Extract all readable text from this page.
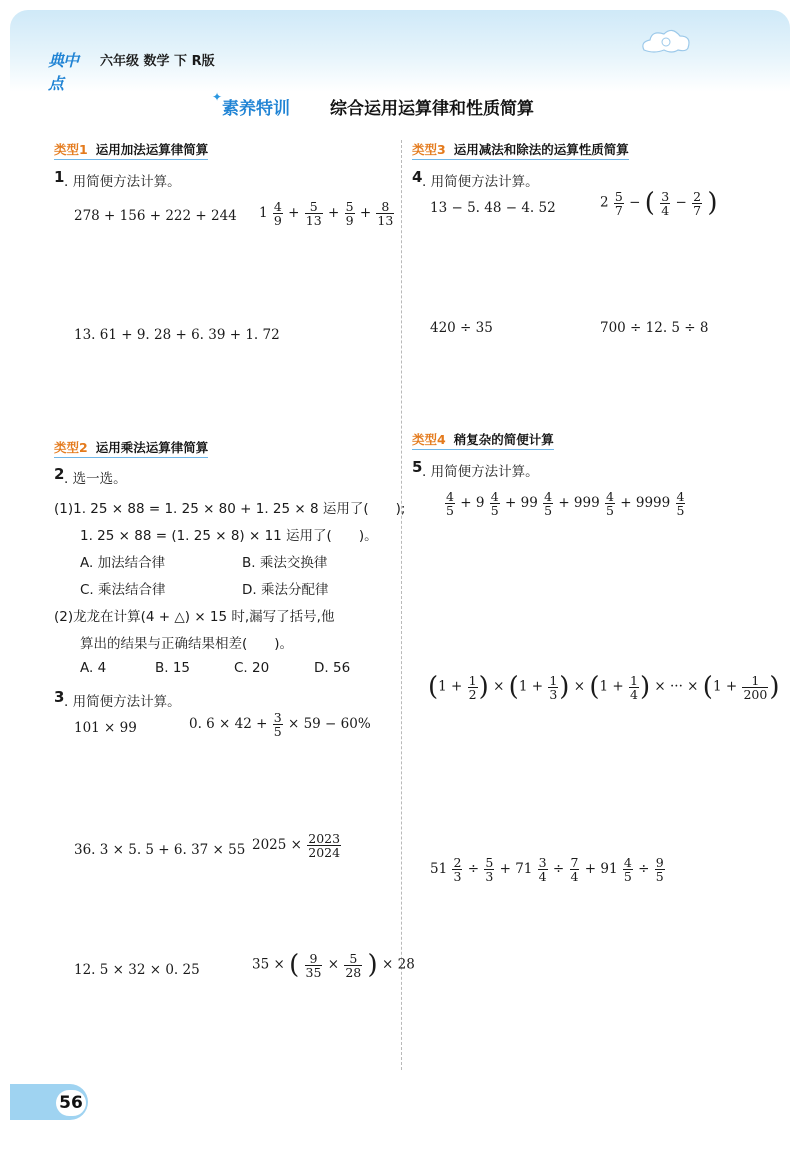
典中点
六年级 数学 下 R版
✦
素养特训 综合运用运算律和性质简算
类型1 运用加法运算律简算
1 . 用简便方法计算。
278 + 156 + 222 + 244 $1 \frac{4}{9} + \frac{5}{13} + \frac{5}{9} + \frac{8}{13}$
13. 61 + 9. 28 + 6. 39 + 1. 72
类型2 运用乘法运算律简算
2 . 选一选。
(1)1. 25 × 88 = 1. 25 × 80 + 1. 25 × 8 运用了(　　);
1. 25 × 88 = (1. 25 × 8) × 11 运用了(　　)。
A. 加法结合律	B. 乘法交换律
C. 乘法结合律	D. 乘法分配律
(2)龙龙在计算(4 + △) × 15 时,漏写了括号,他
算出的结果与正确结果相差(　　)。
A. 4	B. 15	C. 20	D. 56
3 . 用简便方法计算。
101 × 99	0. $6 \times 42 + \frac{3}{5} \times 59 - 60\%$
36. 3 × 5. 5 + 6. 37 × 55 $2025 \times \frac{2023}{2024}$
12. 5 × 32 × 0. 25	35 × ( $\frac{9}{35} \times \frac{5}{28}$ ) × 28
类型3 运用减法和除法的运算性质简算
4 . 用简便方法计算。
13 − 5. 48 − 4. 52	$2 \frac{5}{7}$ − ( $\frac{3}{4} - \frac{2}{7}$ )
420 ÷ 35	700 ÷ 12. 5 ÷ 8
类型4 稍复杂的简便计算
5 . 用简便方法计算。
$\frac{4}{5} + 9 \frac{4}{5} + 99 \frac{4}{5} + 999 \frac{4}{5} + 9999 \frac{4}{5}$
($1 + \frac{1}{2}$ ) × ($1 + \frac{1}{3}$ ) × ($1 + \frac{1}{4}$ ) × ··· × ($1 + \frac{1}{200}$ )
$51 \frac{2}{3} \div \frac{5}{3} + 71 \frac{3}{4} \div \frac{7}{4} + 91 \frac{4}{5} \div \frac{9}{5}$
56
